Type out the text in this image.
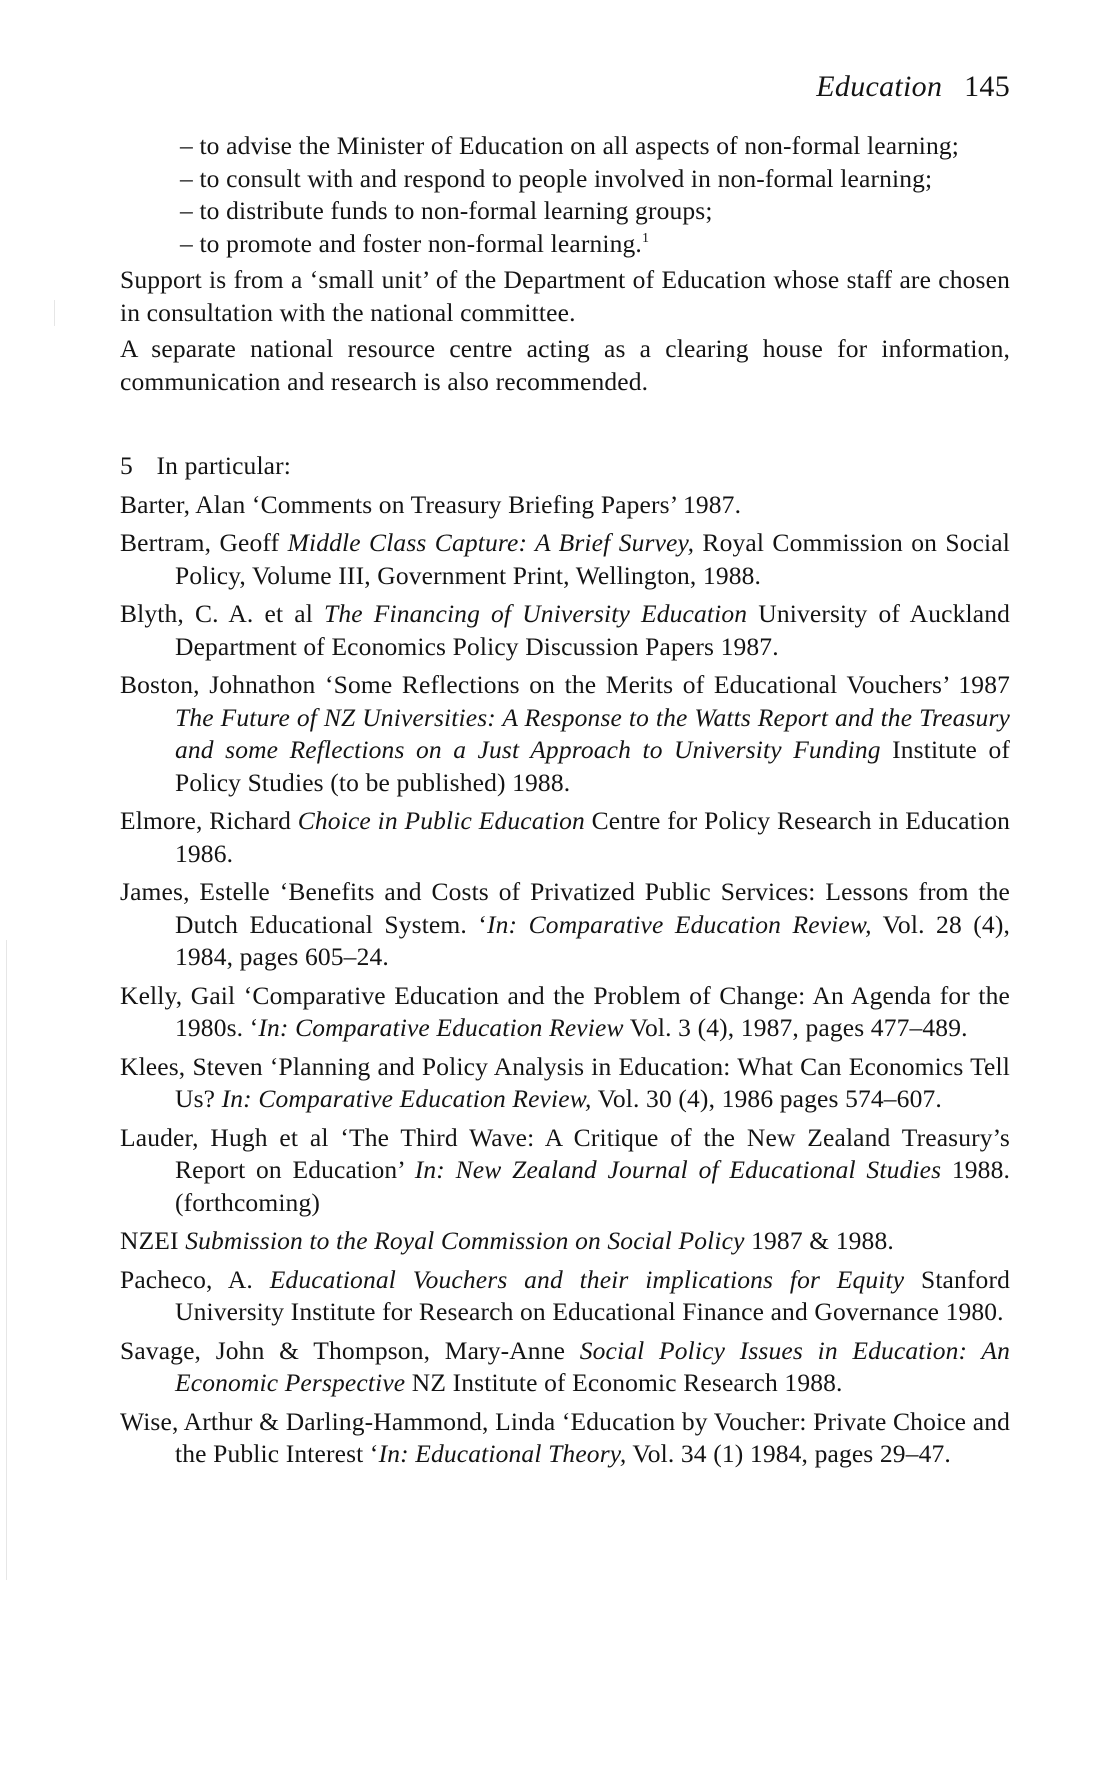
Education 145
– to advise the Minister of Education on all aspects of non-formal learning;
– to consult with and respond to people involved in non-formal learning;
– to distribute funds to non-formal learning groups;
– to promote and foster non-formal learning.$^1$

Support is from a ‘small unit’ of the Department of Education whose staff are chosen in consultation with the national committee.

A separate national resource centre acting as a clearing house for information, communication and research is also recommended.

5 In particular:

Barter, Alan ‘Comments on Treasury Briefing Papers’ 1987.

Bertram, Geoff Middle Class Capture: A Brief Survey, Royal Commission on Social Policy, Volume III, Government Print, Wellington, 1988.

Blyth, C. A. et al The Financing of University Education University of Auckland Department of Economics Policy Discussion Papers 1987.

Boston, Johnathon ‘Some Reflections on the Merits of Educational Vouchers’ 1987 The Future of NZ Universities: A Response to the Watts Report and the Treasury and some Reflections on a Just Approach to University Funding Institute of Policy Studies (to be published) 1988.

Elmore, Richard Choice in Public Education Centre for Policy Research in Education 1986.

James, Estelle ‘Benefits and Costs of Privatized Public Services: Lessons from the Dutch Educational System. ‘In: Comparative Education Review, Vol. 28 (4), 1984, pages 605–24.

Kelly, Gail ‘Comparative Education and the Problem of Change: An Agenda for the 1980s. ‘In: Comparative Education Review Vol. 3 (4), 1987, pages 477–489.

Klees, Steven ‘Planning and Policy Analysis in Education: What Can Economics Tell Us? In: Comparative Education Review, Vol. 30 (4), 1986 pages 574–607.

Lauder, Hugh et al ‘The Third Wave: A Critique of the New Zealand Treasury’s Report on Education’ In: New Zealand Journal of Educational Studies 1988. (forthcoming)

NZEI Submission to the Royal Commission on Social Policy 1987 & 1988.

Pacheco, A. Educational Vouchers and their implications for Equity Stanford University Institute for Research on Educational Finance and Governance 1980.

Savage, John & Thompson, Mary-Anne Social Policy Issues in Education: An Economic Perspective NZ Institute of Economic Research 1988.

Wise, Arthur & Darling-Hammond, Linda ‘Education by Voucher: Private Choice and the Public Interest ‘In: Educational Theory, Vol. 34 (1) 1984, pages 29–47.
